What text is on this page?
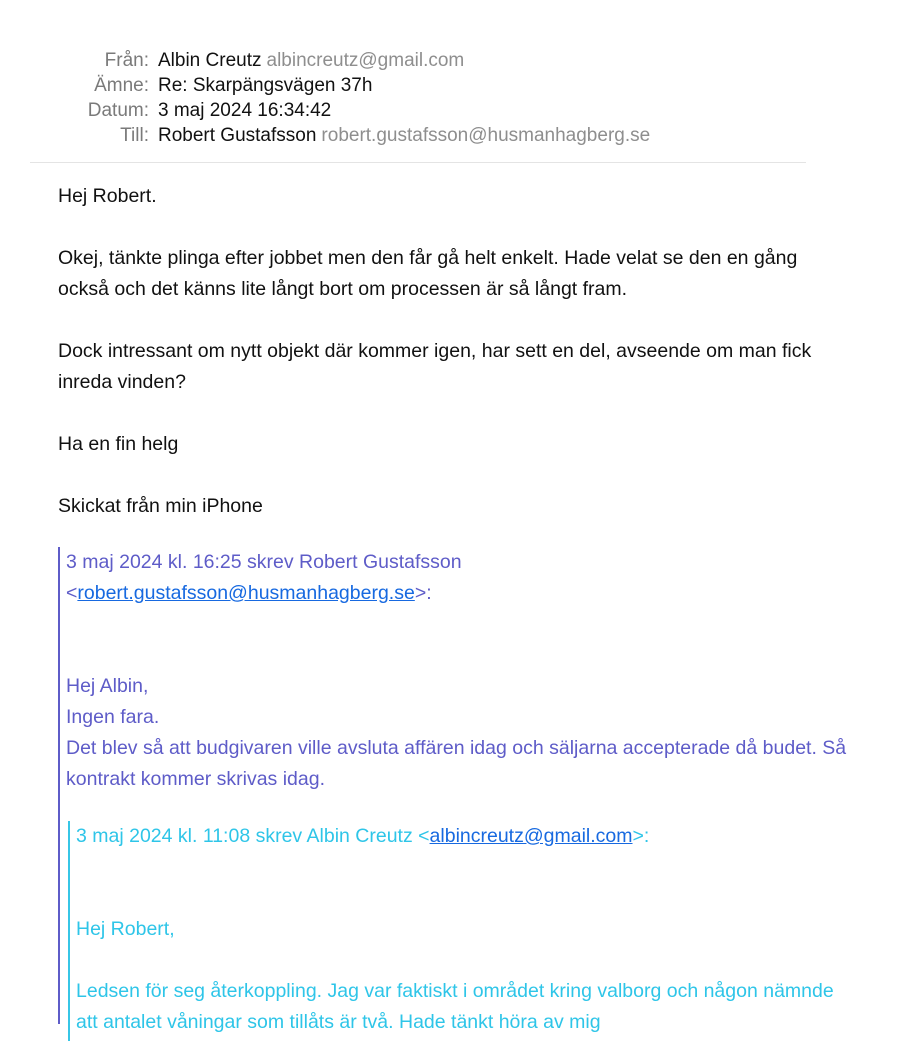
Från: Albin Creutz albincreutz@gmail.com
Ämne: Re: Skarpängsvägen 37h
Datum: 3 maj 2024 16:34:42
Till: Robert Gustafsson robert.gustafsson@husmanhagberg.se

Hej Robert.

Okej, tänkte plinga efter jobbet men den får gå helt enkelt. Hade velat se den en gång också och det känns lite långt bort om processen är så långt fram.

Dock intressant om nytt objekt där kommer igen, har sett en del, avseende om man fick inreda vinden?

Ha en fin helg

Skickat från min iPhone

3 maj 2024 kl. 16:25 skrev Robert Gustafsson

<robert.gustafsson@husmanhagberg.se>:

Hej Albin,

Ingen fara.

Det blev så att budgivaren ville avsluta affären idag och säljarna accepterade då budet. Så kontrakt kommer skrivas idag.

3 maj 2024 kl. 11:08 skrev Albin Creutz <albincreutz@gmail.com>:

Hej Robert,

Ledsen för seg återkoppling. Jag var faktiskt i området kring valborg och någon nämnde att antalet våningar som tillåts är två. Hade tänkt höra av mig
